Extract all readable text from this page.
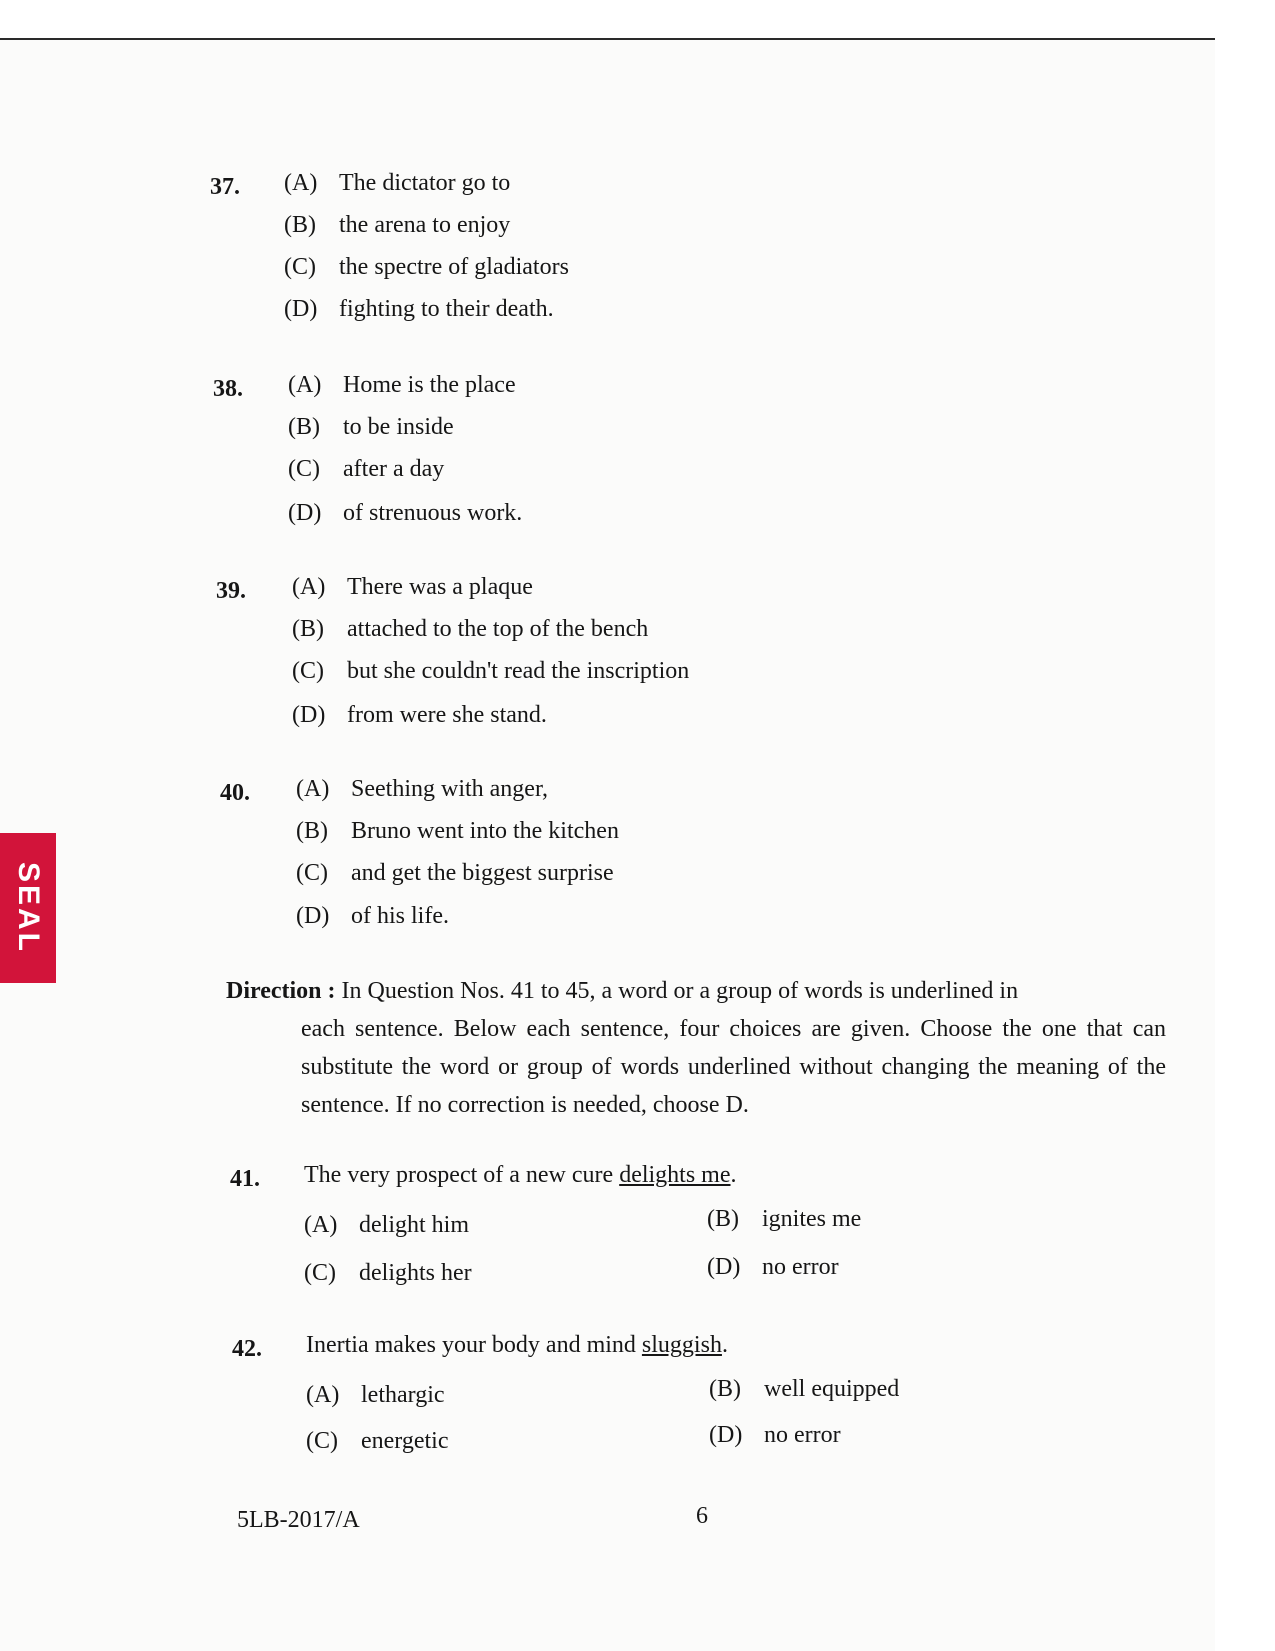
SEAL
37. (A) The dictator go to
(B) the arena to enjoy
(C) the spectre of gladiators
(D) fighting to their death.
38. (A) Home is the place
(B) to be inside
(C) after a day
(D) of strenuous work.
39. (A) There was a plaque
(B) attached to the top of the bench
(C) but she couldn't read the inscription
(D) from were she stand.
40. (A) Seething with anger,
(B) Bruno went into the kitchen
(C) and get the biggest surprise
(D) of his life.
Direction : In Question Nos. 41 to 45, a word or a group of words is underlined in
each sentence. Below each sentence, four choices are given. Choose the one that can substitute the word or group of words underlined without changing the meaning of the sentence. If no correction is needed, choose D.
41. The very prospect of a new cure delights me.
(A) delight him	(B) ignites me
(C) delights her	(D) no error
42. Inertia makes your body and mind sluggish.
(A) lethargic	(B) well equipped
(C) energetic	(D) no error
5LB-2017/A	6
